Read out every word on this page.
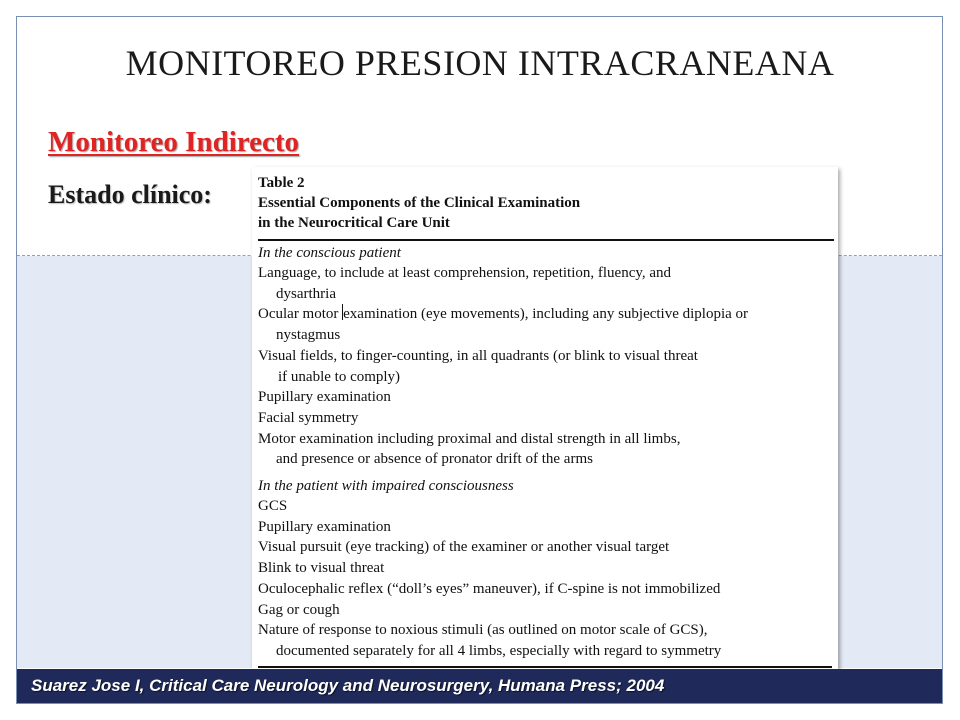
MONITOREO PRESION INTRACRANEANA
Monitoreo Indirecto
Estado clínico:	Table 2
Essential Components of the Clinical Examination
in the Neurocritical Care Unit
In the conscious patient
Language, to include at least comprehension, repetition, fluency, and
dysarthria
Ocular motor examination (eye movements), including any subjective diplopia or
nystagmus
Visual fields, to finger-counting, in all quadrants (or blink to visual threat
if unable to comply)
Pupillary examination
Facial symmetry
Motor examination including proximal and distal strength in all limbs,
and presence or absence of pronator drift of the arms
In the patient with impaired consciousness
GCS
Pupillary examination
Visual pursuit (eye tracking) of the examiner or another visual target
Blink to visual threat
Oculocephalic reflex (“doll’s eyes” maneuver), if C-spine is not immobilized
Gag or cough
Nature of response to noxious stimuli (as outlined on motor scale of GCS),
documented separately for all 4 limbs, especially with regard to symmetry
Suarez Jose I, Critical Care Neurology and Neurosurgery, Humana Press; 2004
